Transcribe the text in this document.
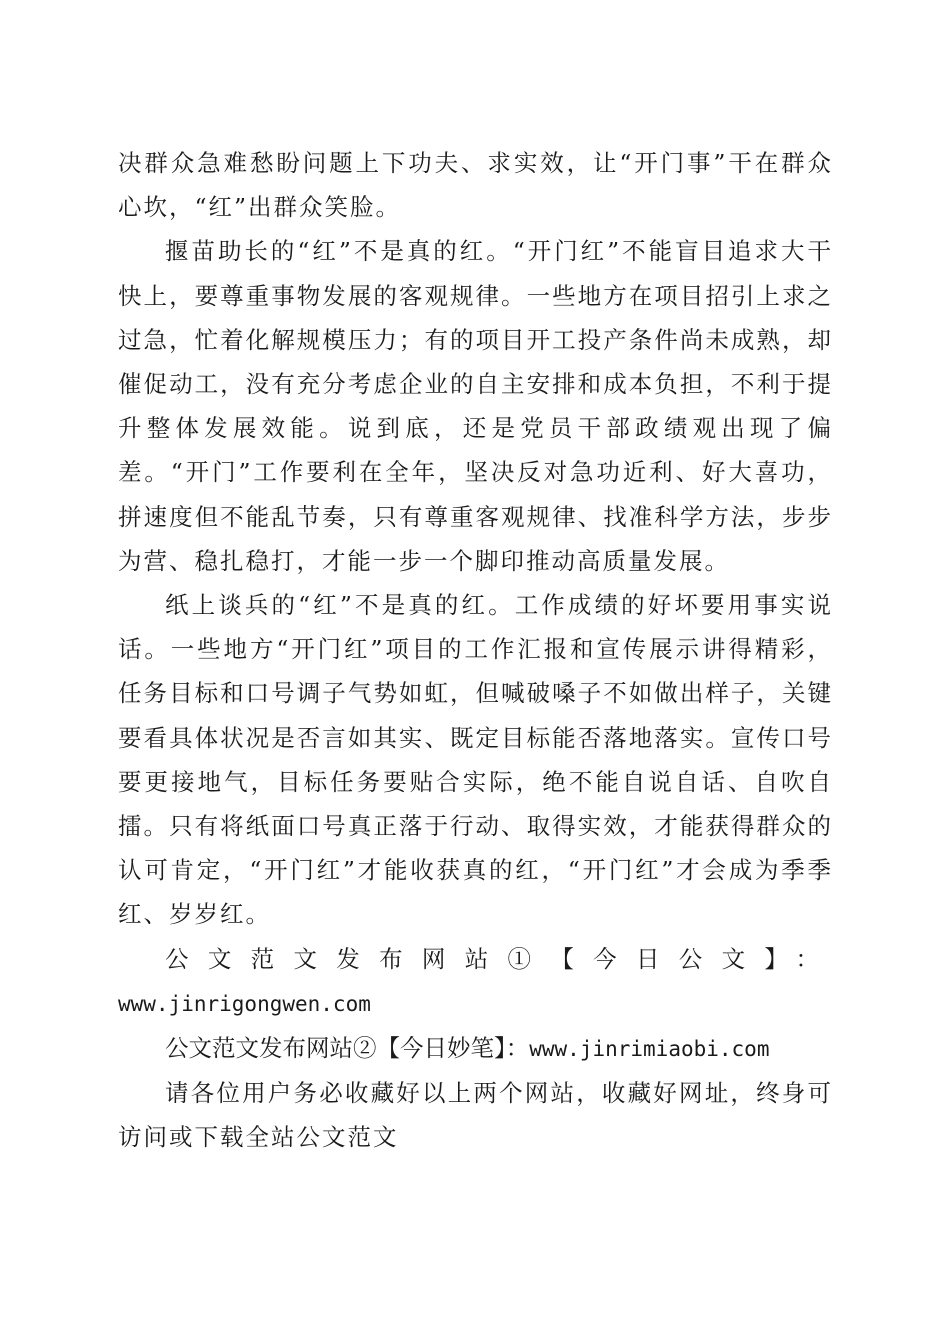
决群众急难愁盼问题上下功夫、求实效，让“开门事”干在群众心坎，“红”出群众笑脸。

揠苗助长的“红”不是真的红。“开门红”不能盲目追求大干快上，要尊重事物发展的客观规律。一些地方在项目招引上求之过急，忙着化解规模压力；有的项目开工投产条件尚未成熟，却催促动工，没有充分考虑企业的自主安排和成本负担，不利于提升整体发展效能。说到底，还是党员干部政绩观出现了偏差。“开门”工作要利在全年，坚决反对急功近利、好大喜功，拼速度但不能乱节奏，只有尊重客观规律、找准科学方法，步步为营、稳扎稳打，才能一步一个脚印推动高质量发展。

纸上谈兵的“红”不是真的红。工作成绩的好坏要用事实说话。一些地方“开门红”项目的工作汇报和宣传展示讲得精彩，任务目标和口号调子气势如虹，但喊破嗓子不如做出样子，关键要看具体状况是否言如其实、既定目标能否落地落实。宣传口号要更接地气，目标任务要贴合实际，绝不能自说自话、自吹自擂。只有将纸面口号真正落于行动、取得实效，才能获得群众的认可肯定，“开门红”才能收获真的红，“开门红”才会成为季季红、岁岁红。

公文范文发布网站①【今日公文】：

www.jinrigongwen.com

公文范文发布网站②【今日妙笔】：www.jinrimiaobi.com

请各位用户务必收藏好以上两个网站，收藏好网址，终身可访问或下载全站公文范文
